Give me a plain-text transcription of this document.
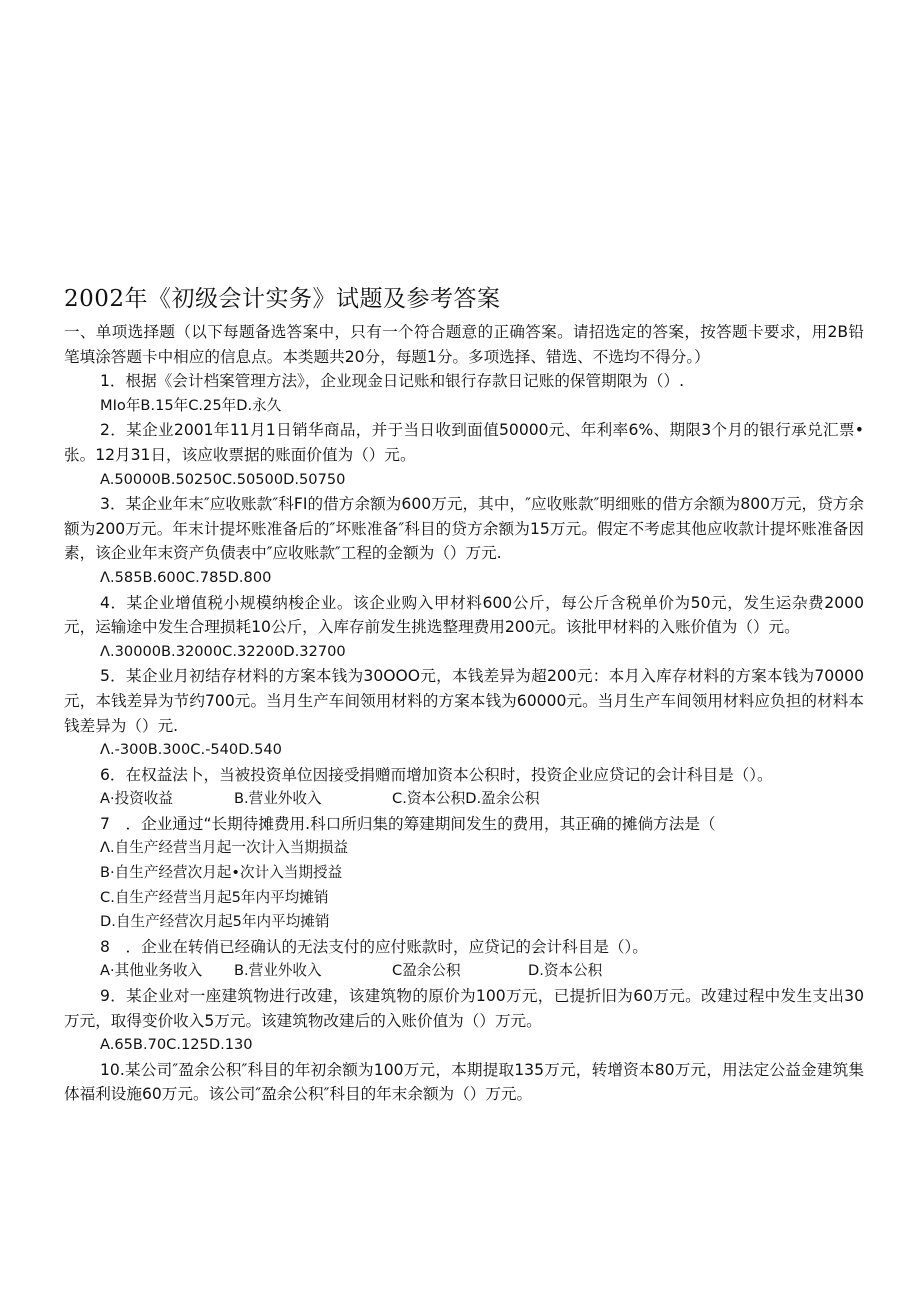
2002年《初级会计实务》试题及参考答案

一、单项选择题（以下每题备选答案中，只有一个符合题意的正确答案。请招选定的答案，按答题卡要求，用2B铅笔填涂答题卡中相应的信息点。本类题共20分，每题1分。多项选择、错选、不选均不得分。）

1．根据《会计档案管理方法》，企业现金日记账和银行存款日记账的保管期限为（）.

MIo年B.15年C.25年D.永久

2．某企业2001年11月1日销华商品，并于当日收到面值50000元、年利率6%、期限3个月的银行承兑汇票•张。12月31日，该应收票据的账面价值为（）元。

A.50000B.50250C.50500D.50750

3．某企业年末″应收账款″科FI的借方余额为600万元，其中，″应收账款″明细账的借方余额为800万元，贷方余额为200万元。年末计提坏账准备后的″坏账准备″科目的贷方余额为15万元。假定不考虑其他应收款计提坏账准备因素，该企业年末资产负债表中″应收账款″工程的金额为（）万元.

Λ.585B.600C.785D.800

4．某企业增值税小规模纳梭企业。该企业购入甲材料600公斤，每公斤含税单价为50元，发生运杂费2000元，运输途中发生合理损耗10公斤，入库存前发生挑选整理费用200元。该批甲材料的入账价值为（）元。

Λ.30000B.32000C.32200D.32700

5．某企业月初结存材料的方案本钱为30OOO元，本钱差异为超200元：本月入库存材料的方案本钱为70000元，本钱差异为节约700元。当月生产车间领用材料的方案本钱为60000元。当月生产车间领用材料应负担的材料本钱差异为（）元.

Λ.-300B.300C.-540D.540

6．在权益法卜，当被投资单位因接受捐赠而增加资本公积时，投资企业应贷记的会计科目是（）。

A·投资收益	B.营业外收入	C.资本公积D.盈余公积

7　．企业通过“长期待摊费用.科口所归集的筹建期间发生的费用，其正确的摊倘方法是（

Λ.自生产经营当月起一次计入当期损益

B·自生产经营次月起•次计入当期授益

C.自生产经营当月起5年内平均摊销

D.自生产经营次月起5年内平均摊销

8　．企业在转俏已经确认的无法支付的应付账款时，应贷记的会计科目是（）。

A·其他业务收入 B.营业外收入	C盈余公积	D.资本公积

9．某企业对一座建筑物进行改建，该建筑物的原价为100万元，已提折旧为60万元。改建过程中发生支出30万元，取得变价收入5万元。该建筑物改建后的入账价值为（）万元。

A.65B.70C.125D.130

10.某公司″盈余公积″科目的年初余额为100万元，本期提取135万元，转增资本80万元，用法定公益金建筑集体福利设施60万元。该公司″盈余公积″科目的年末余额为（）万元。
